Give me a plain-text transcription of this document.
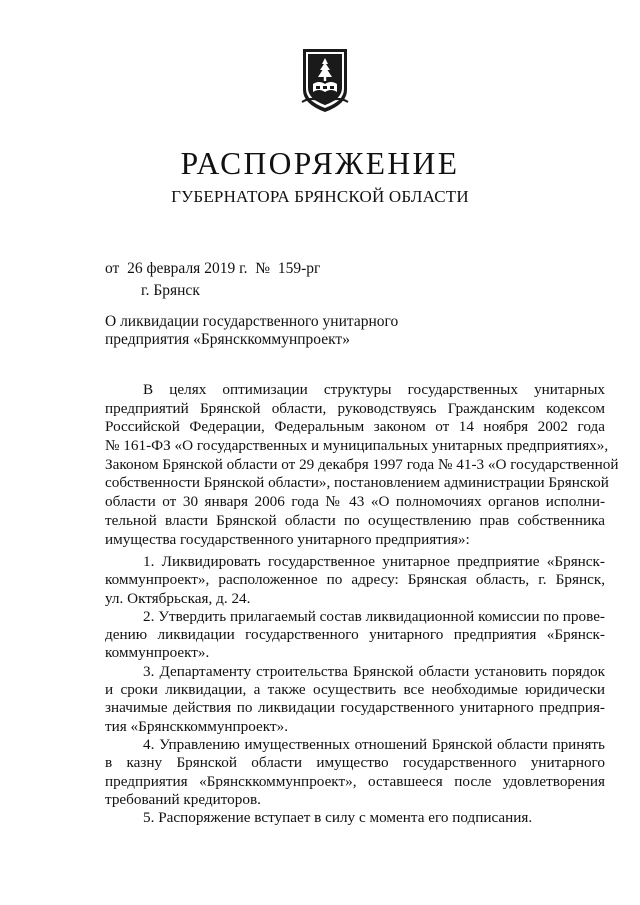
РАСПОРЯЖЕНИЕ
ГУБЕРНАТОРА БРЯНСКОЙ ОБЛАСТИ
от  26 февраля 2019 г.  №  159-рг
г. Брянск
О ликвидации государственного унитарного
предприятия «Брянсккоммунпроект»
В целях оптимизации структуры государственных унитарных
предприятий Брянской области, руководствуясь Гражданским кодексом
Российской Федерации, Федеральным законом от 14 ноября 2002 года
№ 161-ФЗ «О государственных и муниципальных унитарных предприятиях»,
Законом Брянской области от 29 декабря 1997 года № 41-3 «О государственной
собственности Брянской области», постановлением администрации Брянской
области от 30 января 2006 года № 43 «О полномочиях органов исполни-
тельной власти Брянской области по осуществлению прав собственника
имущества государственного унитарного предприятия»:
1. Ликвидировать государственное унитарное предприятие «Брянск-
коммунпроект», расположенное по адресу: Брянская область, г. Брянск,
ул. Октябрьская, д. 24.
2. Утвердить прилагаемый состав ликвидационной комиссии по прове-
дению ликвидации государственного унитарного предприятия «Брянск-
коммунпроект».
3. Департаменту строительства Брянской области установить порядок
и сроки ликвидации, а также осуществить все необходимые юридически
значимые действия по ликвидации государственного унитарного предприя-
тия «Брянсккоммунпроект».
4. Управлению имущественных отношений Брянской области принять
в казну Брянской области имущество государственного унитарного
предприятия «Брянсккоммунпроект», оставшееся после удовлетворения
требований кредиторов.
5. Распоряжение вступает в силу с момента его подписания.
